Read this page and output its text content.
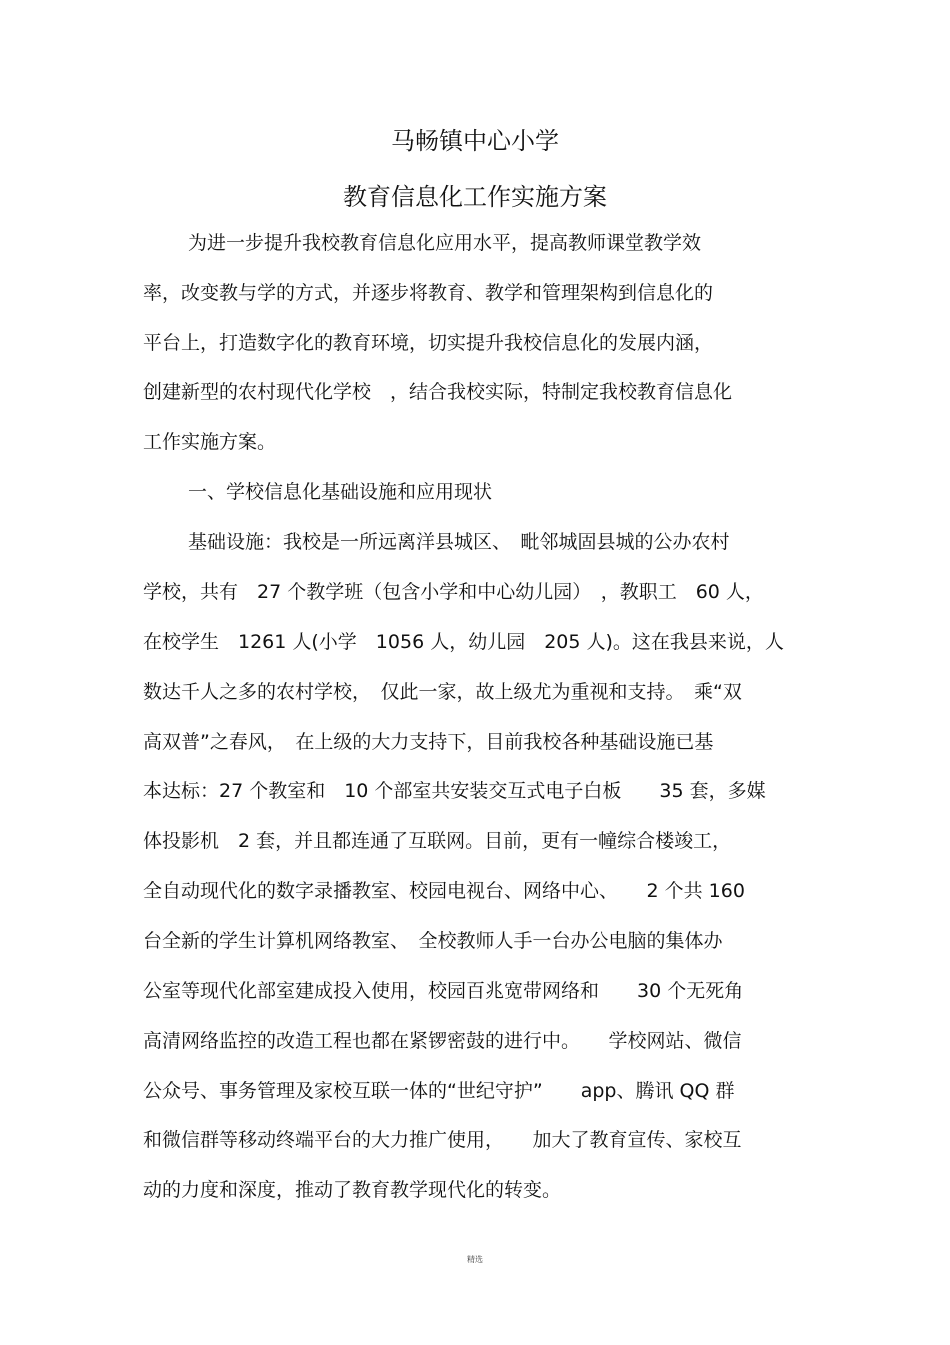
马畅镇中心小学
教育信息化工作实施方案
为进一步提升我校教育信息化应用水平，提高教师课堂教学效
率，改变教与学的方式，并逐步将教育、教学和管理架构到信息化的
平台上，打造数字化的教育环境，切实提升我校信息化的发展内涵，
创建新型的农村现代化学校　，结合我校实际，特制定我校教育信息化
工作实施方案。
一、学校信息化基础设施和应用现状
基础设施：我校是一所远离洋县城区、　毗邻城固县城的公办农村
学校，共有　27 个教学班（包含小学和中心幼儿园）　，教职工　60 人，
在校学生　1261 人(小学　1056 人，幼儿园　205 人)。这在我县来说，人
数达千人之多的农村学校，　仅此一家，故上级尤为重视和支持。　乘“双
高双普”之春风，　在上级的大力支持下，目前我校各种基础设施已基
本达标：27 个教室和　10 个部室共安装交互式电子白板　　35 套，多媒
体投影机　2 套，并且都连通了互联网。目前，更有一幢综合楼竣工，
全自动现代化的数字录播教室、校园电视台、网络中心、　　2 个共 160
台全新的学生计算机网络教室、　全校教师人手一台办公电脑的集体办
公室等现代化部室建成投入使用，校园百兆宽带网络和　　30 个无死角
高清网络监控的改造工程也都在紧锣密鼓的进行中。　　学校网站、微信
公众号、事务管理及家校互联一体的“世纪守护”　　app、腾讯 QQ 群
和微信群等移动终端平台的大力推广使用，　　加大了教育宣传、家校互
动的力度和深度，推动了教育教学现代化的转变。
精选
